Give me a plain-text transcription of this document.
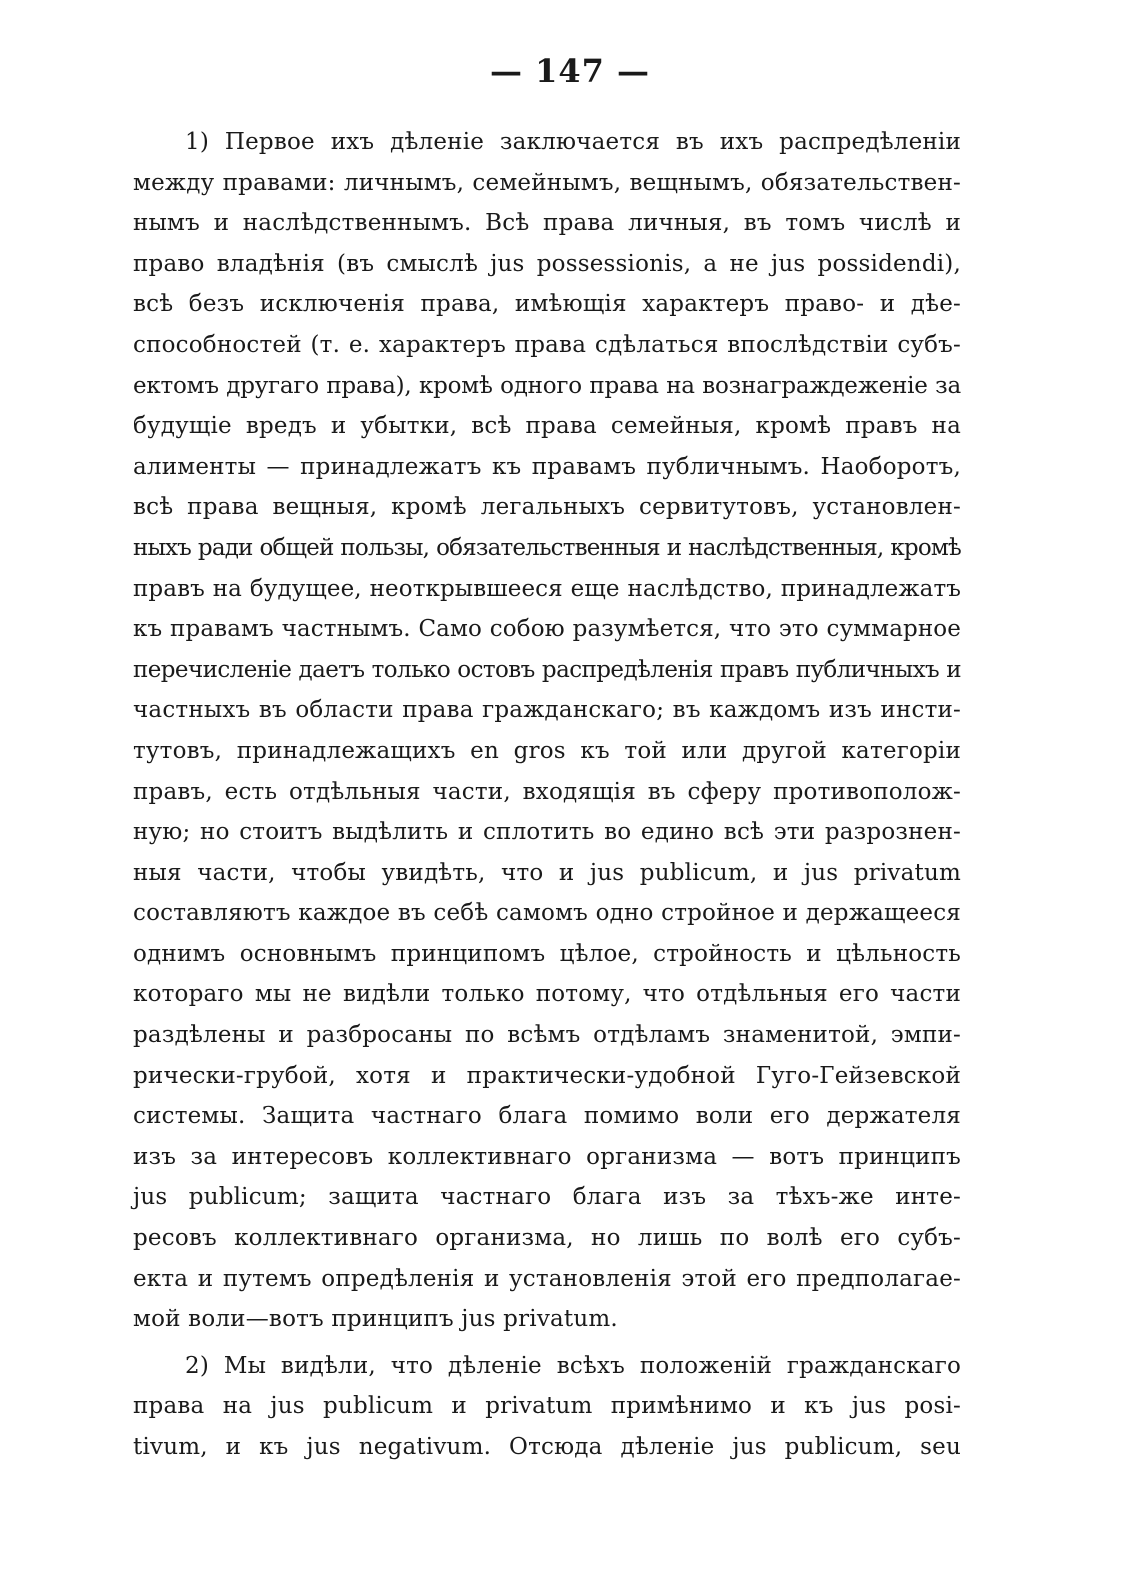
— 147 —
1) Первое ихъ дѣленіе заключается въ ихъ распредѣленіи
между правами: личнымъ, семейнымъ, вещнымъ, обязательствен-
нымъ и наслѣдственнымъ. Всѣ права личныя, въ томъ числѣ и
право владѣнія (въ смыслѣ jus possessionis, а не jus possidendi),
всѣ безъ исключенія права, имѣющія характеръ право- и дѣе-
способностей (т. е. характеръ права сдѣлаться впослѣдствіи субъ-
ектомъ другаго права), кромѣ одного права на вознаграждеженіе за
будущіе вредъ и убытки, всѣ права семейныя, кромѣ правъ на
алименты — принадлежатъ къ правамъ публичнымъ. Наоборотъ,
всѣ права вещныя, кромѣ легальныхъ сервитутовъ, установлен-
ныхъ ради общей пользы, обязательственныя и наслѣдственныя, кромѣ
правъ на будущее, неоткрывшееся еще наслѣдство, принадлежатъ
къ правамъ частнымъ. Само собою разумѣется, что это суммарное
перечисленіе даетъ только остовъ распредѣленія правъ публичныхъ и
частныхъ въ области права гражданскаго; въ каждомъ изъ инсти-
тутовъ, принадлежащихъ en gros къ той или другой категоріи
правъ, есть отдѣльныя части, входящія въ сферу противополож-
ную; но стоитъ выдѣлить и сплотить во едино всѣ эти разрознен-
ныя части, чтобы увидѣть, что и jus publicum, и jus privatum
составляютъ каждое въ себѣ самомъ одно стройное и держащееся
однимъ основнымъ принципомъ цѣлое, стройность и цѣльность
котораго мы не видѣли только потому, что отдѣльныя его части
раздѣлены и разбросаны по всѣмъ отдѣламъ знаменитой, эмпи-
рически-грубой, хотя и практически-удобной Гуго-Гейзевской
системы. Защита частнаго блага помимо воли его держателя
изъ за интересовъ коллективнаго организма — вотъ принципъ
jus publicum; защита частнаго блага изъ за тѣхъ-же инте-
ресовъ коллективнаго организма, но лишь по волѣ его субъ-
екта и путемъ опредѣленія и установленія этой его предполагае-
мой воли—вотъ принципъ jus privatum.
2) Мы видѣли, что дѣленіе всѣхъ положеній гражданскаго
права на jus publicum и privatum примѣнимо и къ jus posi-
tivum, и къ jus negativum. Отсюда дѣленіе jus publicum, seu
